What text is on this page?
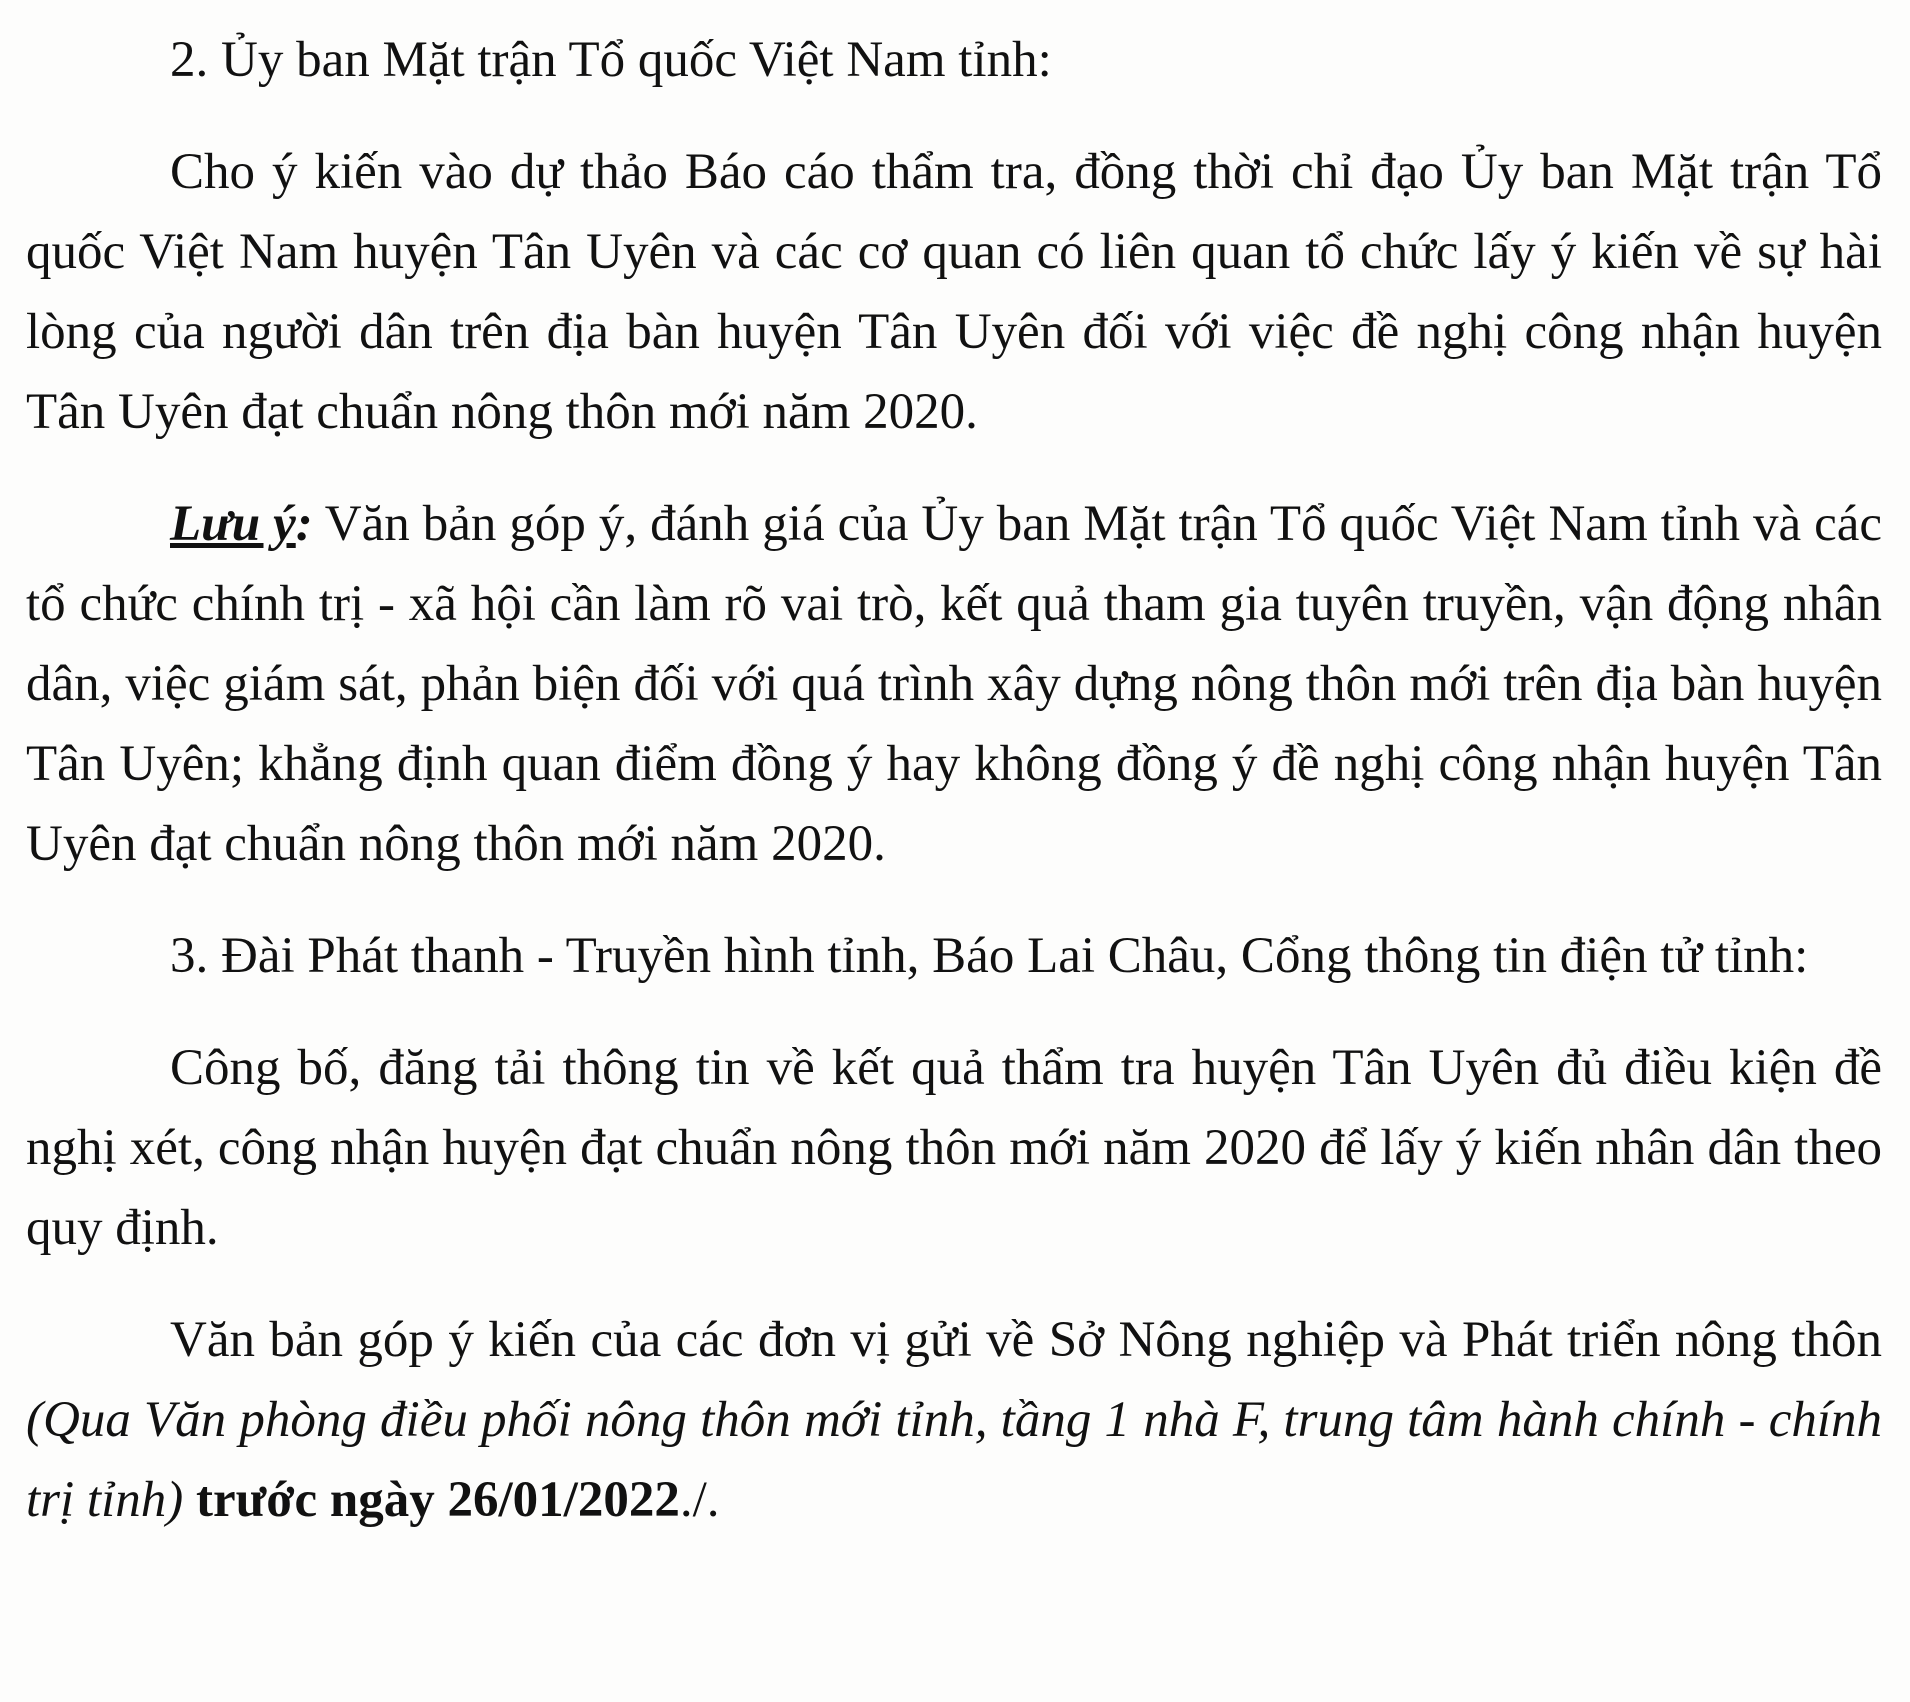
2. Ủy ban Mặt trận Tổ quốc Việt Nam tỉnh:

Cho ý kiến vào dự thảo Báo cáo thẩm tra, đồng thời chỉ đạo Ủy ban Mặt trận Tổ quốc Việt Nam huyện Tân Uyên và các cơ quan có liên quan tổ chức lấy ý kiến về sự hài lòng của người dân trên địa bàn huyện Tân Uyên đối với việc đề nghị công nhận huyện Tân Uyên đạt chuẩn nông thôn mới năm 2020.

Lưu ý: Văn bản góp ý, đánh giá của Ủy ban Mặt trận Tổ quốc Việt Nam tỉnh và các tổ chức chính trị - xã hội cần làm rõ vai trò, kết quả tham gia tuyên truyền, vận động nhân dân, việc giám sát, phản biện đối với quá trình xây dựng nông thôn mới trên địa bàn huyện Tân Uyên; khẳng định quan điểm đồng ý hay không đồng ý đề nghị công nhận huyện Tân Uyên đạt chuẩn nông thôn mới năm 2020.

3. Đài Phát thanh - Truyền hình tỉnh, Báo Lai Châu, Cổng thông tin điện tử tỉnh:

Công bố, đăng tải thông tin về kết quả thẩm tra huyện Tân Uyên đủ điều kiện đề nghị xét, công nhận huyện đạt chuẩn nông thôn mới năm 2020 để lấy ý kiến nhân dân theo quy định.

Văn bản góp ý kiến của các đơn vị gửi về Sở Nông nghiệp và Phát triển nông thôn (Qua Văn phòng điều phối nông thôn mới tỉnh, tầng 1 nhà F, trung tâm hành chính - chính trị tỉnh) trước ngày 26/01/2022./.
